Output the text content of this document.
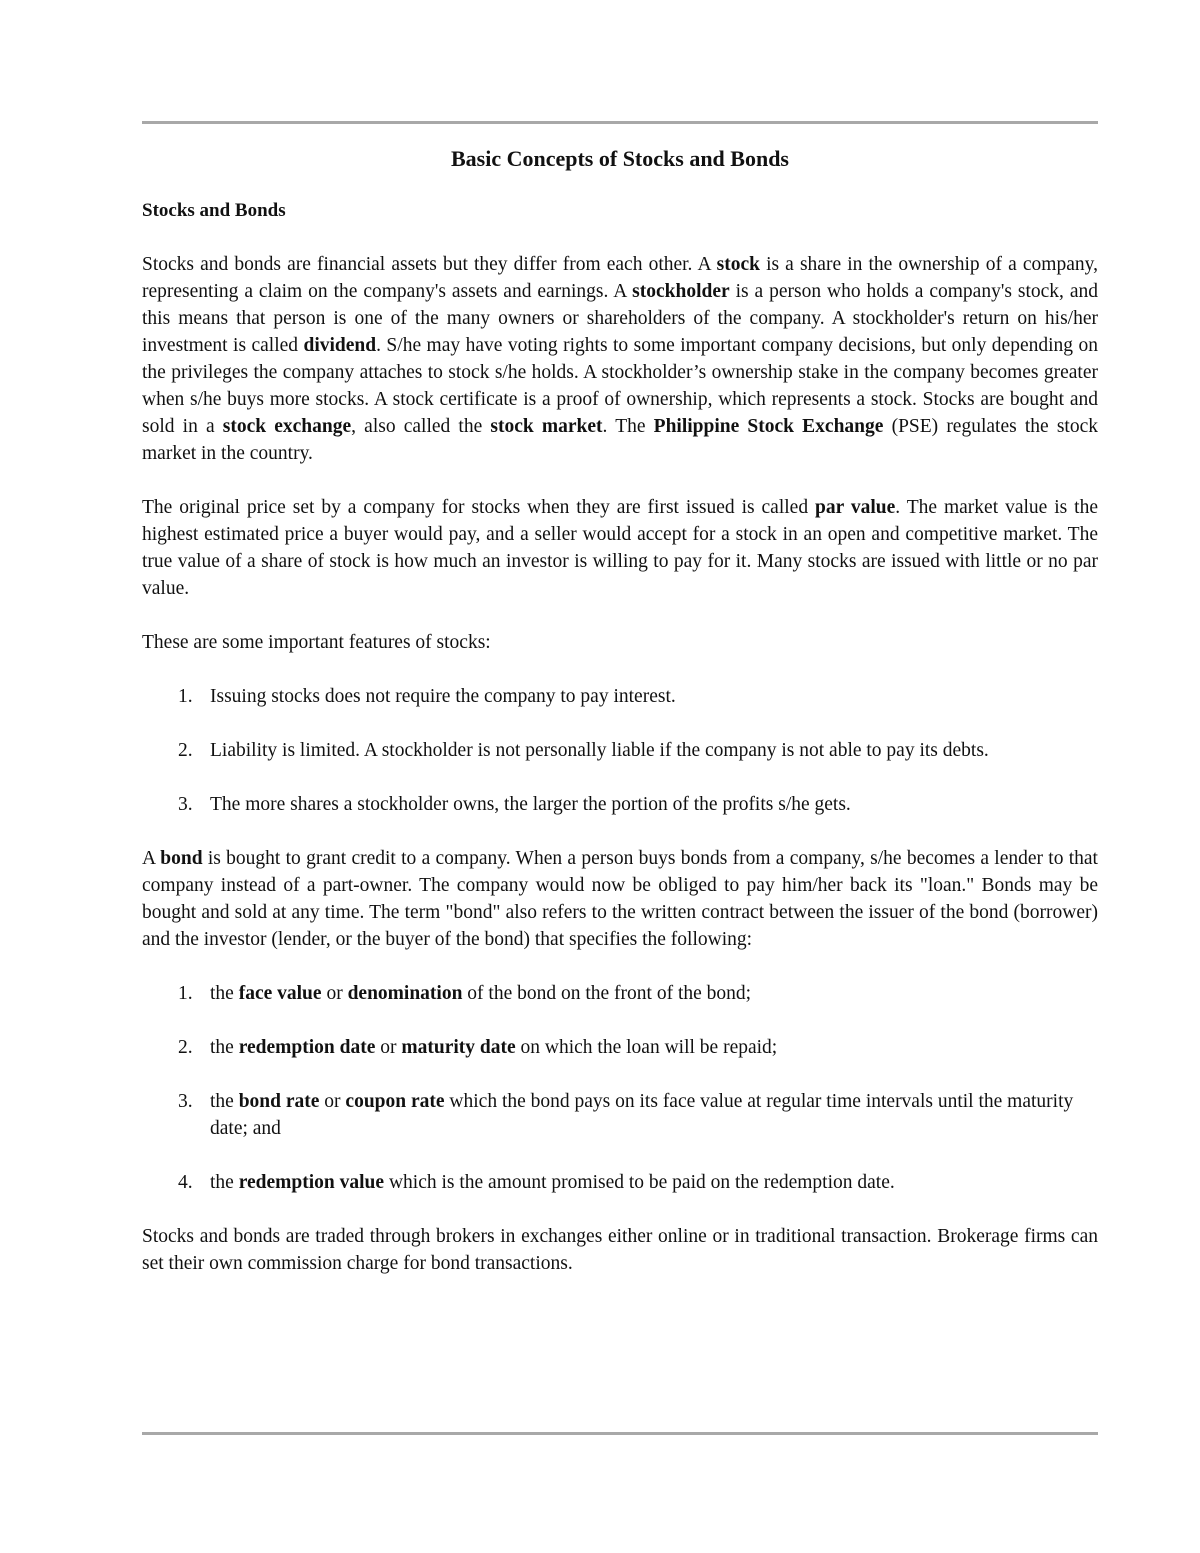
Basic Concepts of Stocks and Bonds
Stocks and Bonds

Stocks and bonds are financial assets but they differ from each other. A stock is a share in the ownership of a company, representing a claim on the company's assets and earnings. A stockholder is a person who holds a company's stock, and this means that person is one of the many owners or shareholders of the company. A stockholder's return on his/her investment is called dividend. S/he may have voting rights to some important company decisions, but only depending on the privileges the company attaches to stock s/he holds. A stockholder’s ownership stake in the company becomes greater when s/he buys more stocks. A stock certificate is a proof of ownership, which represents a stock. Stocks are bought and sold in a stock exchange, also called the stock market. The Philippine Stock Exchange (PSE) regulates the stock market in the country.

The original price set by a company for stocks when they are first issued is called par value. The market value is the highest estimated price a buyer would pay, and a seller would accept for a stock in an open and competitive market. The true value of a share of stock is how much an investor is willing to pay for it. Many stocks are issued with little or no par value.

These are some important features of stocks:

1. Issuing stocks does not require the company to pay interest.
2. Liability is limited. A stockholder is not personally liable if the company is not able to pay its debts.
3. The more shares a stockholder owns, the larger the portion of the profits s/he gets.

A bond is bought to grant credit to a company. When a person buys bonds from a company, s/he becomes a lender to that company instead of a part-owner. The company would now be obliged to pay him/her back its "loan." Bonds may be bought and sold at any time. The term "bond" also refers to the written contract between the issuer of the bond (borrower) and the investor (lender, or the buyer of the bond) that specifies the following:

1. the face value or denomination of the bond on the front of the bond;
2. the redemption date or maturity date on which the loan will be repaid;
3. the bond rate or coupon rate which the bond pays on its face value at regular time intervals until the maturity date; and
4. the redemption value which is the amount promised to be paid on the redemption date.

Stocks and bonds are traded through brokers in exchanges either online or in traditional transaction. Brokerage firms can set their own commission charge for bond transactions.
